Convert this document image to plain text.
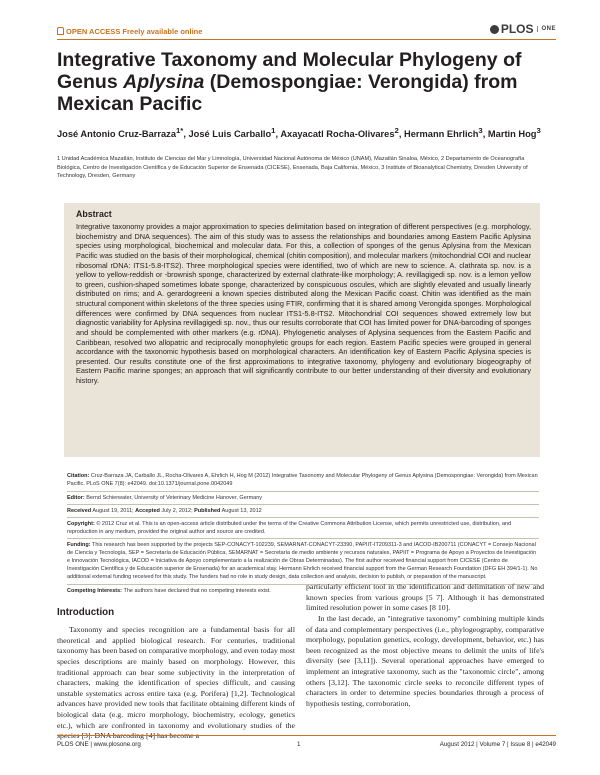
OPEN ACCESS Freely available online	PLOS	ONE
Integrative Taxonomy and Molecular Phylogeny of Genus Aplysina (Demospongiae: Verongida) from Mexican Pacific
José Antonio Cruz-Barraza$^{1*}$, José Luis Carballo$^1$, Axayacatl Rocha-Olivares$^2$, Hermann Ehrlich$^3$, Martin Hog$^3$
1 Unidad Académica Mazatlán, Instituto de Ciencias del Mar y Limnología, Universidad Nacional Autónoma de México (UNAM), Mazatlán Sinaloa, México, 2 Departamento de Oceanografía Biológica, Centro de Investigación Científica y de Educación Superior de Ensenada (CICESE), Ensenada, Baja California, México, 3 Institute of Bioanalytical Chemistry, Dresden University of Technology, Dresden, Germany
Abstract
Integrative taxonomy provides a major approximation to species delimitation based on integration of different perspectives (e.g. morphology, biochemistry and DNA sequences). The aim of this study was to assess the relationships and boundaries among Eastern Pacific Aplysina species using morphological, biochemical and molecular data. For this, a collection of sponges of the genus Aplysina from the Mexican Pacific was studied on the basis of their morphological, chemical (chitin composition), and molecular markers (mitochondrial COI and nuclear ribosomal rDNA: ITS1-5.8-ITS2). Three morphological species were identified, two of which are new to science. A. clathrata sp. nov. is a yellow to yellow-reddish or -brownish sponge, characterized by external clathrate-like morphology; A. revillagigedi sp. nov. is a lemon yellow to green, cushion-shaped sometimes lobate sponge, characterized by conspicuous oscules, which are slightly elevated and usually linearly distributed on rims; and A. gerardogreeni a known species distributed along the Mexican Pacific coast. Chitin was identified as the main structural component within skeletons of the three species using FTIR, confirming that it is shared among Verongida sponges. Morphological differences were confirmed by DNA sequences from nuclear ITS1-5.8-ITS2. Mitochondrial COI sequences showed extremely low but diagnostic variability for Aplysina revillagigedi sp. nov., thus our results corroborate that COI has limited power for DNA-barcoding of sponges and should be complemented with other markers (e.g. rDNA). Phylogenetic analyses of Aplysina sequences from the Eastern Pacific and Caribbean, resolved two allopatric and reciprocally monophyletic groups for each region. Eastern Pacific species were grouped in general accordance with the taxonomic hypothesis based on morphological characters. An identification key of Eastern Pacific Aplysina species is presented. Our results constitute one of the first approximations to integrative taxonomy, phylogeny and evolutionary biogeography of Eastern Pacific marine sponges; an approach that will significantly contribute to our better understanding of their diversity and evolutionary history.
Citation: Cruz-Barraza JA, Carballo JL, Rocha-Olivares A, Ehrlich H, Hog M (2012) Integrative Taxonomy and Molecular Phylogeny of Genus Aplysina (Demospongiae: Verongida) from Mexican Pacific. PLoS ONE 7(8): e42049. doi:10.1371/journal.pone.0042049
Editor: Bernd Schierwater, University of Veterinary Medicine Hanover, Germany
Received August 19, 2011; Accepted July 2, 2012; Published August 13, 2012
Copyright: © 2012 Cruz et al. This is an open-access article distributed under the terms of the Creative Commons Attribution License, which permits unrestricted use, distribution, and reproduction in any medium, provided the original author and source are credited.
Funding: This research has been supported by the projects SEP-CONACYT-102239, SEMARNAT-CONACYT-23390, PAPIIT-IT209311-3 and IACOD-IB200711 (CONACYT = Consejo Nacional de Ciencia y Tecnología, SEP = Secretaría de Educación Pública, SEMARNAT = Secretaría de medio ambiente y recursos naturales, PAPIIT = Programa de Apoyo a Proyectos de Investigación e Innovación Tecnológica, IACOD = Iniciativa de Apoyo complementario a la realización de Obras Determinadas). The first author received financial support from CICESE (Centro de Investigación Científica y de Educación superior de Ensenada) for an academical stay. Hermann Ehrlich received financial support from the German Research Foundation (DFG EH 394/1-1). No additional external funding received for this study. The funders had no role in study design, data collection and analysis, decision to publish, or preparation of the manuscript.
Competing Interests: The authors have declared that no competing interests exist.
Introduction
Taxonomy and species recognition are a fundamental basis for all theoretical and applied biological research. For centuries, traditional taxonomy has been based on comparative morphology, and even today most species descriptions are mainly based on morphology. However, this traditional approach can bear some subjectivity in the interpretation of characters, making the identification of species difficult, and causing unstable systematics across entire taxa (e.g. Porifera) [1,2]. Technological advances have provided new tools that facilitate obtaining different kinds of biological data (e.g. micro morphology, biochemistry, ecology, genetics etc.), which are confronted in taxonomy and evolutionary studies of the
particularly efficient tool in the identification and delimitation of new and known species from various groups [5 7]. Although it has demonstrated limited resolution power in some cases [8 10].
In the last decade, an "integrative taxonomy" combining multiple kinds of data and complementary perspectives (i.e., phylogeography, comparative morphology, population genetics, ecology, development, behavior, etc.) has been recognized as the most objective means to delimit the units of life's diversity (see [3,11]). Several operational approaches have emerged to implement an integrative taxonomy, such as the "taxonomic circle", among others [3,12]. The taxonomic circle seeks to reconcile different types of characters in order to determine species boundaries through a process of hypothesis testing, corroboration,
PLOS ONE | www.plosone.org	1	August 2012 | Volume 7 | Issue 8 | e42049
